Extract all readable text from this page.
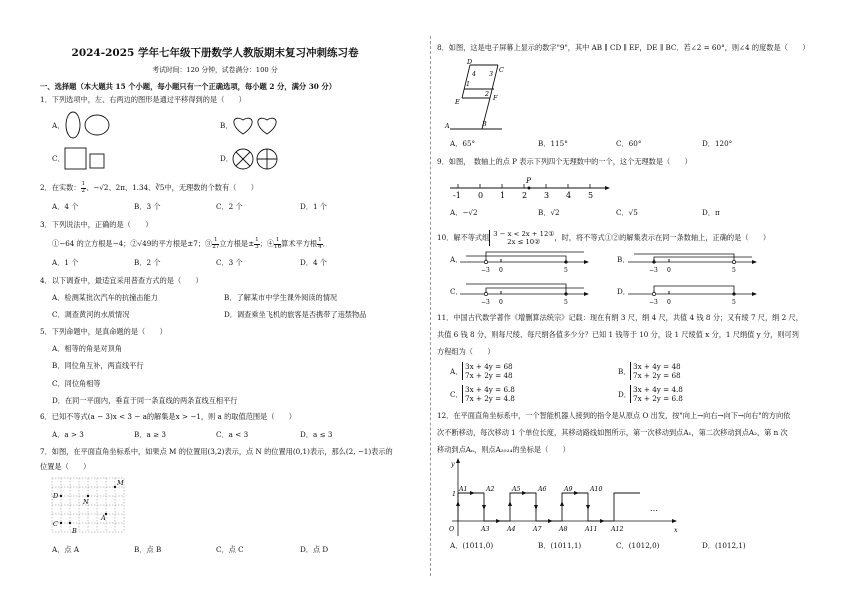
2024-2025 学年七年级下册数学人教版期末复习冲刺练习卷
考试时间：120 分钟，试卷满分：100 分
一、选择题（本大题共 15 个小题，每小题只有一个正确选项，每小题 2 分，满分 30 分）
1．下列选项中，左、右两边的图形是通过平移得到的是（　　）
A．	B．
C．	D．
2．在实数： $\frac{1}{2}$ 、−√2、2π、1.34、∛5中，无理数的个数有（　　）
A．4 个	B．3 个	C．2 个	D．1 个
3．下列说法中，正确的是（　　）
①−64 的立方根是−4；②√49的平方根是±7；③ $\frac{1}{27}$ 立方根是± $\frac{1}{3}$ ；④ $\frac{1}{16}$ 算术平方根 $\frac{1}{4}$ ．
A．1 个	B．2 个	C．3 个	D．4 个
4．以下调查中，最适宜采用普查方式的是（　　）
A．检测某批次汽车的抗撞击能力	B．了解某市中学生课外阅读的情况
C．调查黄河的水质情况	D．调查乘坐飞机的旅客是否携带了违禁物品
5．下列命题中，是真命题的是（　　）
A．相等的角是对顶角
B．同位角互补，两直线平行
C．同位角相等
D．在同一平面内，垂直于同一条直线的两条直线互相平行
6．已知不等式(a − 3)x < 3 − a的解集是x > −1，则 a 的取值范围是（　　）
A．a > 3	B．a ≥ 3	C．a < 3	D．a ≤ 3
7．如图，在平面直角坐标系中，如果点 M 的位置用(3,2)表示，点 N 的位置用(0,1)表示，那么(2, −1)表示的
位置是（　　）
M
D
N
A
C
B
A．点 A	B．点 B	C．点 C	D．点 D
8．如图，这是电子屏幕上显示的数字"9"，其中 AB ∥ CD ∥ EF，DE ∥ BC．若∠2 = 60°，则∠4 的度数是（　　）
D
4
C
3
1
E
2
F
B
A
A．65°	B．115°	C．60°	D．120°
9．如图，　数轴上的点 P 表示下列四个无理数中的一个，这个无理数是（　　）
P
-1 0 1 2 3 4 5
A．−√2	B．√2	C．√5	D．π
10．解不等式组 3 − x < 2x + 12①
2x ≤ 10②	，时，将不等式①②的解集表示在同一条数轴上，正确的是（　　）
A．
−3 0	5
B．
−3 0	5
C．
−3 0	5
D．
−3 0	5
11．中国古代数学著作《增删算法统宗》记载：现在有绢 3 尺，绢 4 尺，共值 4 钱 8 分；又有绫 7 尺，绢 2 尺，
共值 6 钱 8 分，则每尺绫、每尺绢各值多少分？已知 1 钱等于 10 分，设 1 尺绫值 x 分，1 尺绢值 y 分，则可列
方程组为（　　）
A．
3x + 4y = 68
7x + 2y = 48	B．
3x + 4y = 48
7x + 2y = 68
C．
3x + 4y = 6.8
7x + 2y = 4.8	D．
3x + 4y = 4.8
7x + 2y = 6.8
12．在平面直角坐标系中，一个智能机器人接到的指令是从原点 O 出发，按"向上→向右→向下→向右"的方向依
次不断移动，每次移动 1 个单位长度，其移动路线如图所示，第一次移动到点A₁，第二次移动到点A₂，第 n 次
移动到点Aₙ，则点A₂₀₂₄的坐标是（　　）
A1	A2	A5	A6	A9	A10
A3	A4	A7	A8	A11 A12
O
1
x
y
…
A．(1011,0)	B．(1011,1)	C．(1012,0)	D．(1012,1)
